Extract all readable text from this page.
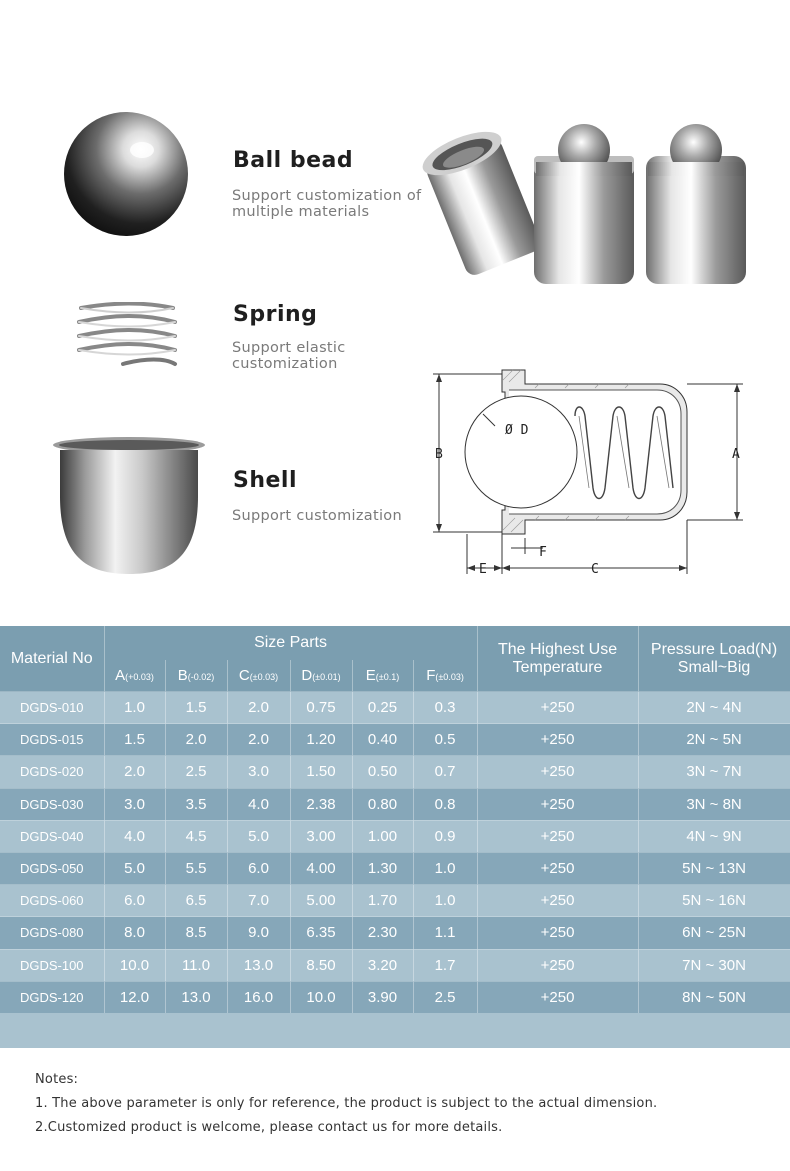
Ball bead
Support customization of multiple materials
Spring
Support elastic customization
Shell
Support customization
B	A
Ø D
E
F
C
Material No	Size Parts						The Highest Use Temperature	Pressure Load(N) Small~Big
	A(+0.03)	B(-0.02)	C(±0.03)	D(±0.01)	E(±0.1)	F(±0.03)		
DGDS-010	1.0	1.5	2.0	0.75	0.25	0.3	+250	2N ~ 4N
DGDS-015	1.5	2.0	2.0	1.20	0.40	0.5	+250	2N ~ 5N
DGDS-020	2.0	2.5	3.0	1.50	0.50	0.7	+250	3N ~ 7N
DGDS-030	3.0	3.5	4.0	2.38	0.80	0.8	+250	3N ~ 8N
DGDS-040	4.0	4.5	5.0	3.00	1.00	0.9	+250	4N ~ 9N
DGDS-050	5.0	5.5	6.0	4.00	1.30	1.0	+250	5N ~ 13N
DGDS-060	6.0	6.5	7.0	5.00	1.70	1.0	+250	5N ~ 16N
DGDS-080	8.0	8.5	9.0	6.35	2.30	1.1	+250	6N ~ 25N
DGDS-100	10.0	11.0	13.0	8.50	3.20	1.7	+250	7N ~ 30N
DGDS-120	12.0	13.0	16.0	10.0	3.90	2.5	+250	8N ~ 50N
Notes:
1. The above parameter is only for reference, the product is subject to the actual dimension.
2.Customized product is welcome, please contact us for more details.
